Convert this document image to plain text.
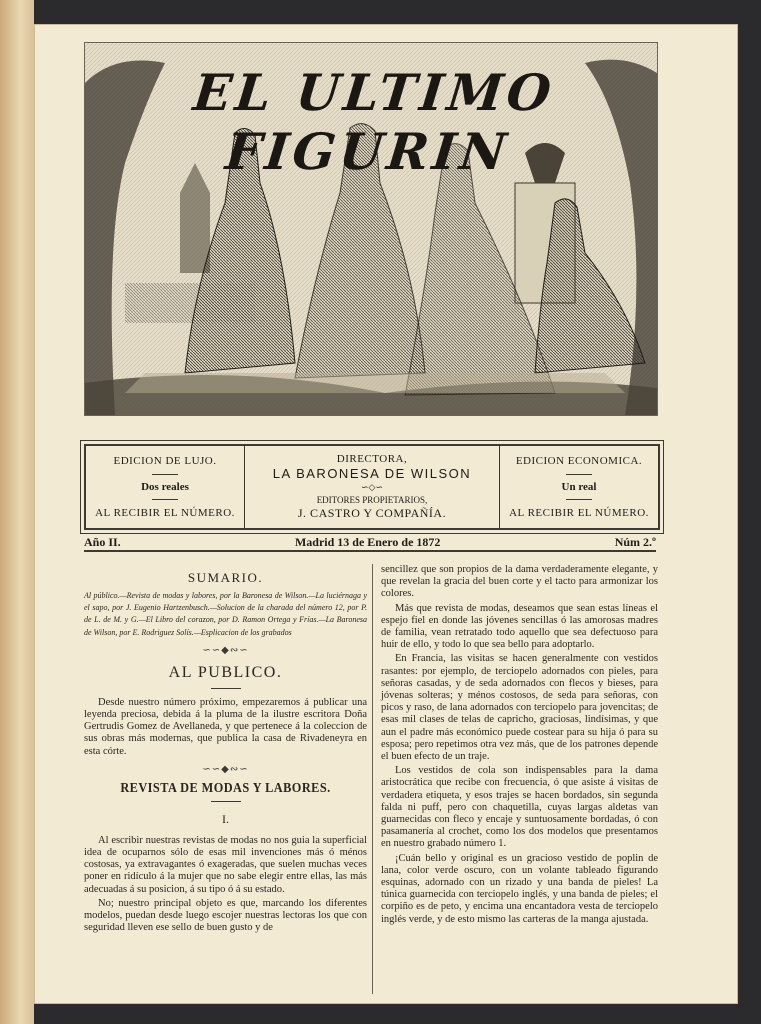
EL ULTIMO FIGURIN
EDICION DE LUJO.
Dos reales
AL RECIBIR EL NÚMERO.
DIRECTORA,
LA BARONESA DE WILSON
∽◇∽
EDITORES PROPIETARIOS,
J. CASTRO Y COMPAÑÍA.
EDICION ECONOMICA.
Un real
AL RECIBIR EL NÚMERO.
Año II.	Madrid 13 de Enero de 1872	Núm 2.º
SUMARIO.

Al público.—Revista de modas y labores, por la Baronesa de Wilson.—La luciérnaga y el sapo, por J. Eugenio Hartzenbusch.—Solucion de la charada del número 12, por P. de L. de M. y G.—El Libro del corazon, por D. Ramon Ortega y Frías.—La Baronesa de Wilson, por E. Rodriguez Solís.—Esplicacion de los grabados

∽∽◆∾∽
AL PUBLICO.

Desde nuestro número próximo, empezaremos á publicar una leyenda preciosa, debida á la pluma de la ilustre escritora Doña Gertrudis Gomez de Avellaneda, y que pertenece á la coleccion de sus obras más modernas, que publica la casa de Rivadeneyra en esta córte.

∽∽◆∾∽
REVISTA DE MODAS Y LABORES.
I.

Al escribir nuestras revistas de modas no nos guia la superficial idea de ocuparnos sólo de esas mil invenciones más ó ménos costosas, ya extravagantes ó exageradas, que suelen muchas veces poner en ridículo á la mujer que no sabe elegir entre ellas, las más adecuadas á su posicion, á su tipo ó á su estado.

No; nuestro principal objeto es que, marcando los diferentes modelos, puedan desde luego escojer nuestras lectoras los que con seguridad lleven ese sello de buen gusto y de

sencillez que son propios de la dama verdaderamente elegante, y que revelan la gracia del buen corte y el tacto para armonizar los colores.

Más que revista de modas, deseamos que sean estas líneas el espejo fiel en donde las jóvenes sencillas ó las amorosas madres de familia, vean retratado todo aquello que sea defectuoso para huir de ello, y todo lo que sea bello para adoptarlo.

En Francia, las visitas se hacen generalmente con vestidos rasantes: por ejemplo, de terciopelo adornados con pieles, para señoras casadas, y de seda adornados con flecos y bieses, para jóvenas solteras; y ménos costosos, de seda para señoras, con picos y raso, de lana adornados con terciopelo para jovencitas; de esas mil clases de telas de capricho, graciosas, lindísimas, y que aun el padre más económico puede costear para su hija ó para su esposa; pero repetimos otra vez más, que de los patrones depende el buen efecto de un traje.

Los vestidos de cola son indispensables para la dama aristocrática que recibe con frecuencia, ó que asiste á visitas de verdadera etiqueta, y esos trajes se hacen bordados, sin segunda falda ni puff, pero con chaquetilla, cuyas largas aldetas van guarnecidas con fleco y encaje y suntuosamente bordadas, ó con pasamanería al crochet, como los dos modelos que presentamos en nuestro grabado número 1.

¡Cuán bello y original es un gracioso vestido de poplin de lana, color verde oscuro, con un volante tableado figurando esquinas, adornado con un rizado y una banda de pieles! La túnica guarnecida con terciopelo inglés, y una banda de pieles; el corpiño es de peto, y encima una encantadora vesta de terciopelo inglés verde, y de esto mismo las carteras de la manga ajustada.
